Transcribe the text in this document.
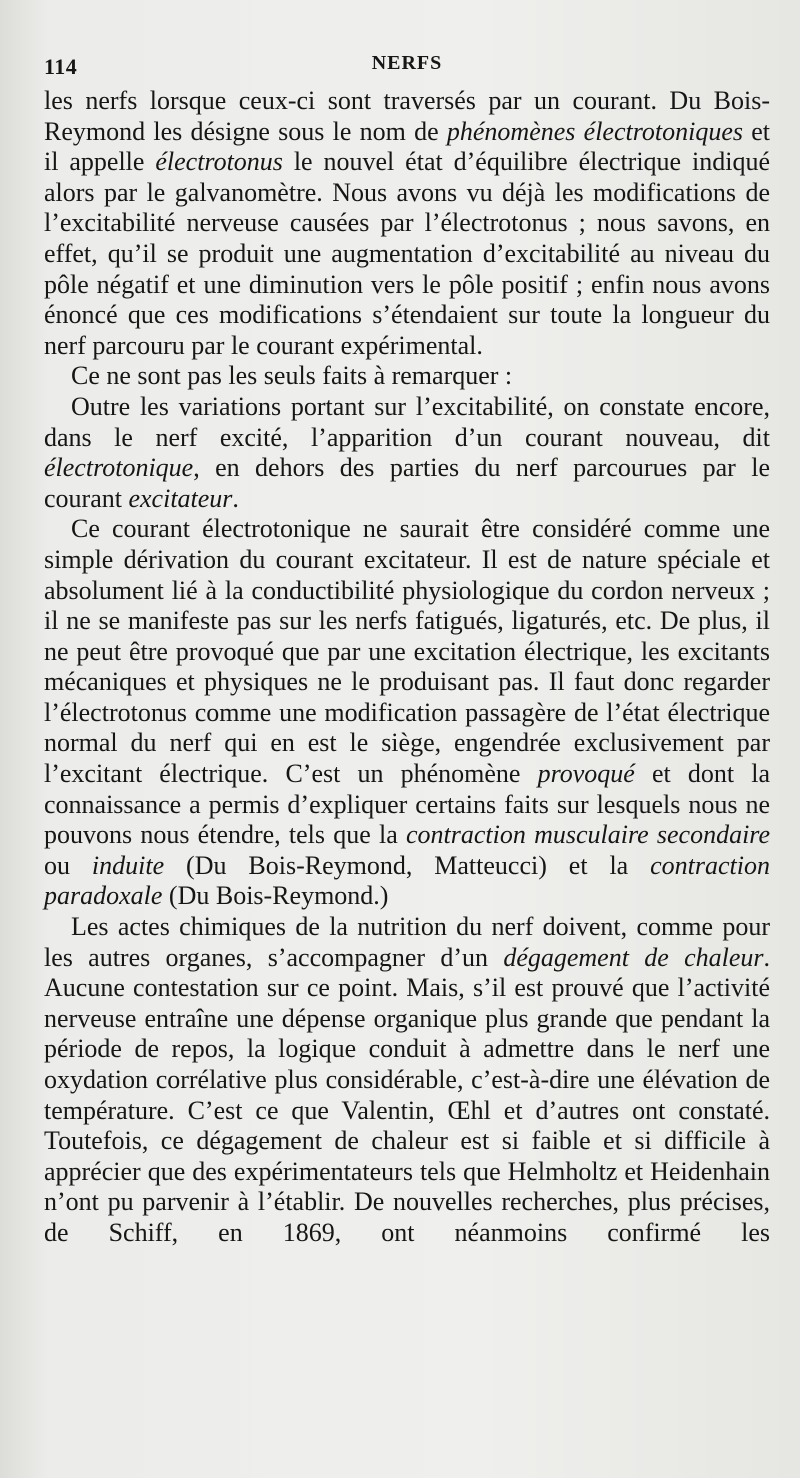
114	NERFS

les nerfs lorsque ceux-ci sont traversés par un courant. Du Bois-Reymond les désigne sous le nom de phénomènes électrotoniques et il appelle électrotonus le nouvel état d’équilibre électrique indiqué alors par le galvanomètre. Nous avons vu déjà les modifications de l’excitabilité nerveuse causées par l’électrotonus ; nous savons, en effet, qu’il se produit une augmentation d’excitabilité au niveau du pôle négatif et une diminution vers le pôle positif ; enfin nous avons énoncé que ces modifications s’étendaient sur toute la longueur du nerf parcouru par le courant expérimental.

Ce ne sont pas les seuls faits à remarquer :

Outre les variations portant sur l’excitabilité, on constate encore, dans le nerf excité, l’apparition d’un courant nouveau, dit électrotonique, en dehors des parties du nerf parcourues par le courant excitateur.

Ce courant électrotonique ne saurait être considéré comme une simple dérivation du courant excitateur. Il est de nature spéciale et absolument lié à la conductibilité physiologique du cordon nerveux ; il ne se manifeste pas sur les nerfs fatigués, ligaturés, etc. De plus, il ne peut être provoqué que par une excitation électrique, les excitants mécaniques et physiques ne le produisant pas. Il faut donc regarder l’électrotonus comme une modification passagère de l’état électrique normal du nerf qui en est le siège, engendrée exclusivement par l’excitant électrique. C’est un phénomène provoqué et dont la connaissance a permis d’expliquer certains faits sur lesquels nous ne pouvons nous étendre, tels que la contraction musculaire secondaire ou induite (Du Bois-Reymond, Matteucci) et la contraction paradoxale (Du Bois-Reymond.)

Les actes chimiques de la nutrition du nerf doivent, comme pour les autres organes, s’accompagner d’un dégagement de chaleur. Aucune contestation sur ce point. Mais, s’il est prouvé que l’activité nerveuse entraîne une dépense organique plus grande que pendant la période de repos, la logique conduit à admettre dans le nerf une oxydation corrélative plus considérable, c’est-à-dire une élévation de température. C’est ce que Valentin, Œhl et d’autres ont constaté. Toutefois, ce dégagement de chaleur est si faible et si difficile à apprécier que des expérimentateurs tels que Helmholtz et Heidenhain n’ont pu parvenir à l’établir. De nouvelles recherches, plus précises, de Schiff, en 1869, ont néanmoins confirmé les
